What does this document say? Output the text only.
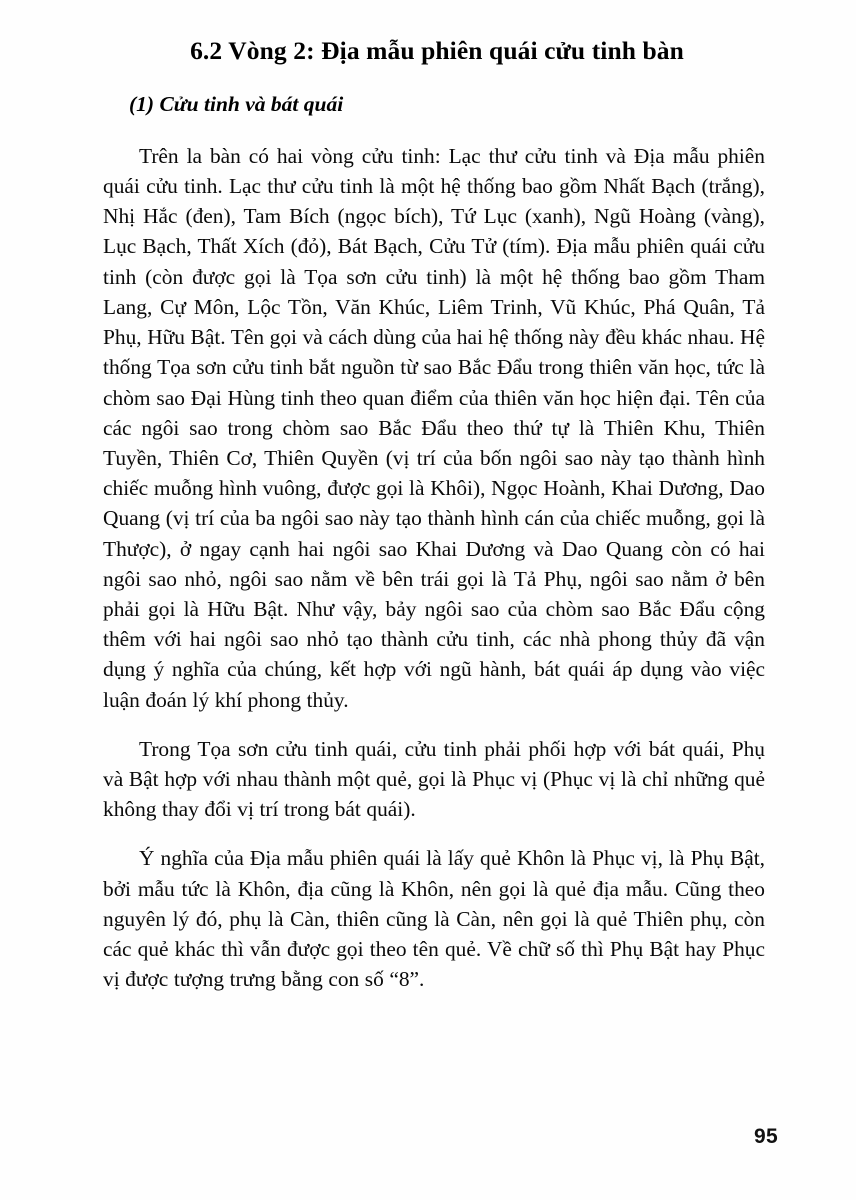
6.2 Vòng 2: Địa mẫu phiên quái cửu tinh bàn
(1) Cửu tinh và bát quái

Trên la bàn có hai vòng cửu tinh: Lạc thư cửu tinh và Địa mẫu phiên quái cửu tinh. Lạc thư cửu tinh là một hệ thống bao gồm Nhất Bạch (trắng), Nhị Hắc (đen), Tam Bích (ngọc bích), Tứ Lục (xanh), Ngũ Hoàng (vàng), Lục Bạch, Thất Xích (đỏ), Bát Bạch, Cửu Tử (tím). Địa mẫu phiên quái cửu tinh (còn được gọi là Tọa sơn cửu tinh) là một hệ thống bao gồm Tham Lang, Cự Môn, Lộc Tồn, Văn Khúc, Liêm Trinh, Vũ Khúc, Phá Quân, Tả Phụ, Hữu Bật. Tên gọi và cách dùng của hai hệ thống này đều khác nhau. Hệ thống Tọa sơn cửu tinh bắt nguồn từ sao Bắc Đẩu trong thiên văn học, tức là chòm sao Đại Hùng tinh theo quan điểm của thiên văn học hiện đại. Tên của các ngôi sao trong chòm sao Bắc Đẩu theo thứ tự là Thiên Khu, Thiên Tuyền, Thiên Cơ, Thiên Quyền (vị trí của bốn ngôi sao này tạo thành hình chiếc muỗng hình vuông, được gọi là Khôi), Ngọc Hoành, Khai Dương, Dao Quang (vị trí của ba ngôi sao này tạo thành hình cán của chiếc muỗng, gọi là Thược), ở ngay cạnh hai ngôi sao Khai Dương và Dao Quang còn có hai ngôi sao nhỏ, ngôi sao nằm về bên trái gọi là Tả Phụ, ngôi sao nằm ở bên phải gọi là Hữu Bật. Như vậy, bảy ngôi sao của chòm sao Bắc Đẩu cộng thêm với hai ngôi sao nhỏ tạo thành cửu tinh, các nhà phong thủy đã vận dụng ý nghĩa của chúng, kết hợp với ngũ hành, bát quái áp dụng vào việc luận đoán lý khí phong thủy.

Trong Tọa sơn cửu tinh quái, cửu tinh phải phối hợp với bát quái, Phụ và Bật hợp với nhau thành một quẻ, gọi là Phục vị (Phục vị là chỉ những quẻ không thay đổi vị trí trong bát quái).

Ý nghĩa của Địa mẫu phiên quái là lấy quẻ Khôn là Phục vị, là Phụ Bật, bởi mẫu tức là Khôn, địa cũng là Khôn, nên gọi là quẻ địa mẫu. Cũng theo nguyên lý đó, phụ là Càn, thiên cũng là Càn, nên gọi là quẻ Thiên phụ, còn các quẻ khác thì vẫn được gọi theo tên quẻ. Về chữ số thì Phụ Bật hay Phục vị được tượng trưng bằng con số “8”.

95
